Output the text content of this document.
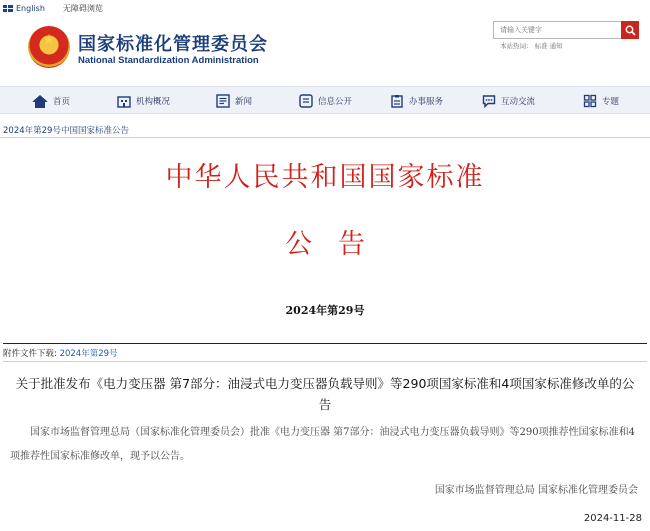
English 无障碍浏览
★ 国家标准化管理委员会
National Standardization Administration
请输入关键字
本站热词： 标准 通知
首页	机构概况	新闻	信息公开	办事服务	互动交流	专题
2024年第29号中国国家标准公告
中华人民共和国国家标准
公告
2024年第29号
附件文件下载: 2024年第29号
关于批准发布《电力变压器 第7部分：油浸式电力变压器负载导则》等290项国家标准和4项国家标准修改单的公告
国家市场监督管理总局（国家标准化管理委员会）批准《电力变压器 第7部分：油浸式电力变压器负载导则》等290项推荐性国家标准和4项推荐性国家标准修改单，现予以公告。
国家市场监督管理总局 国家标准化管理委员会
2024-11-28
